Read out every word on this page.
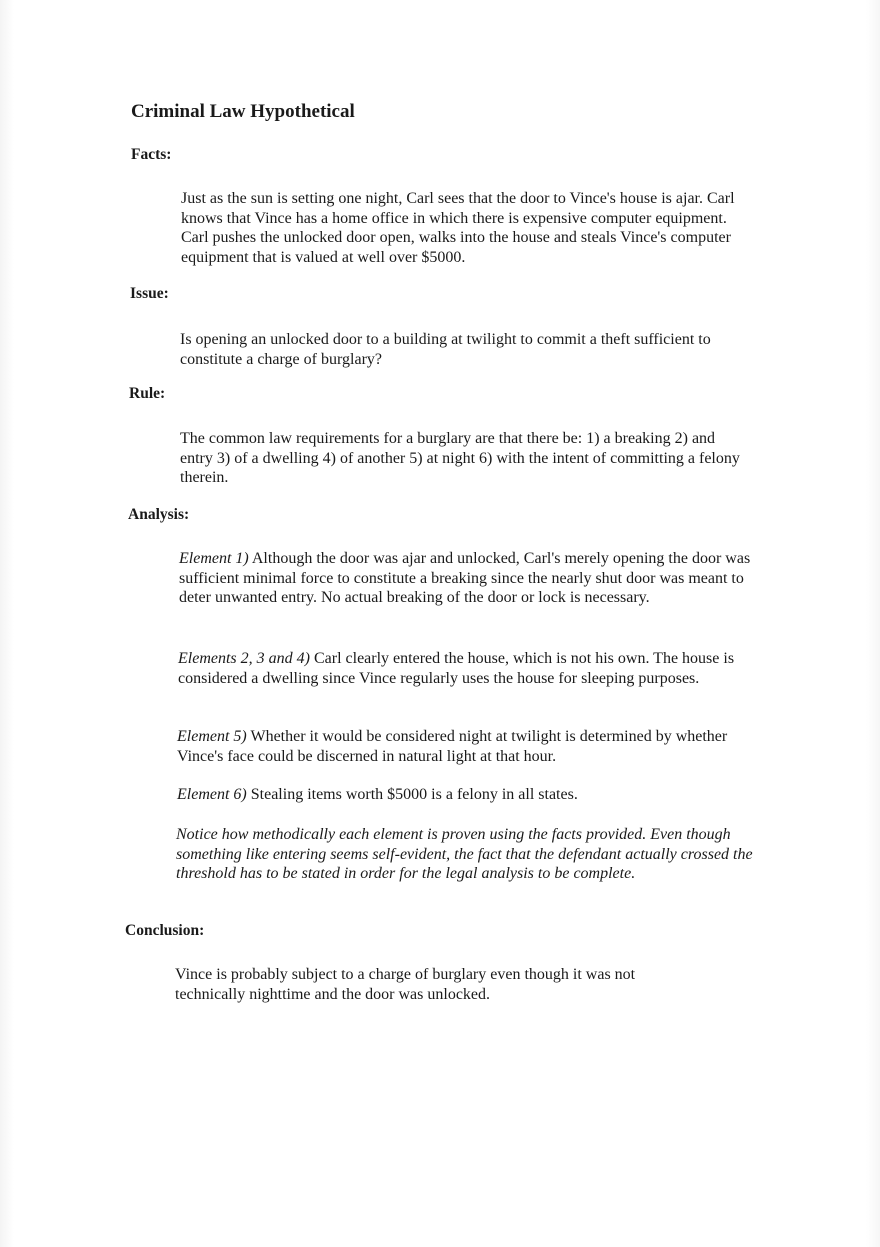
Criminal Law Hypothetical
Facts:

Just as the sun is setting one night, Carl sees that the door to Vince's house is ajar. Carl knows that Vince has a home office in which there is expensive computer equipment. Carl pushes the unlocked door open, walks into the house and steals Vince's computer equipment that is valued at well over $5000.

Issue:

Is opening an unlocked door to a building at twilight to commit a theft sufficient to constitute a charge of burglary?

Rule:

The common law requirements for a burglary are that there be: 1) a breaking 2) and entry 3) of a dwelling 4) of another 5) at night 6) with the intent of committing a felony therein.

Analysis:

Element 1) Although the door was ajar and unlocked, Carl's merely opening the door was sufficient minimal force to constitute a breaking since the nearly shut door was meant to deter unwanted entry. No actual breaking of the door or lock is necessary.

Elements 2, 3 and 4) Carl clearly entered the house, which is not his own. The house is considered a dwelling since Vince regularly uses the house for sleeping purposes.

Element 5) Whether it would be considered night at twilight is determined by whether Vince's face could be discerned in natural light at that hour.

Element 6) Stealing items worth $5000 is a felony in all states.

Notice how methodically each element is proven using the facts provided. Even though something like entering seems self-evident, the fact that the defendant actually crossed the threshold has to be stated in order for the legal analysis to be complete.

Conclusion:

Vince is probably subject to a charge of burglary even though it was not technically nighttime and the door was unlocked.
